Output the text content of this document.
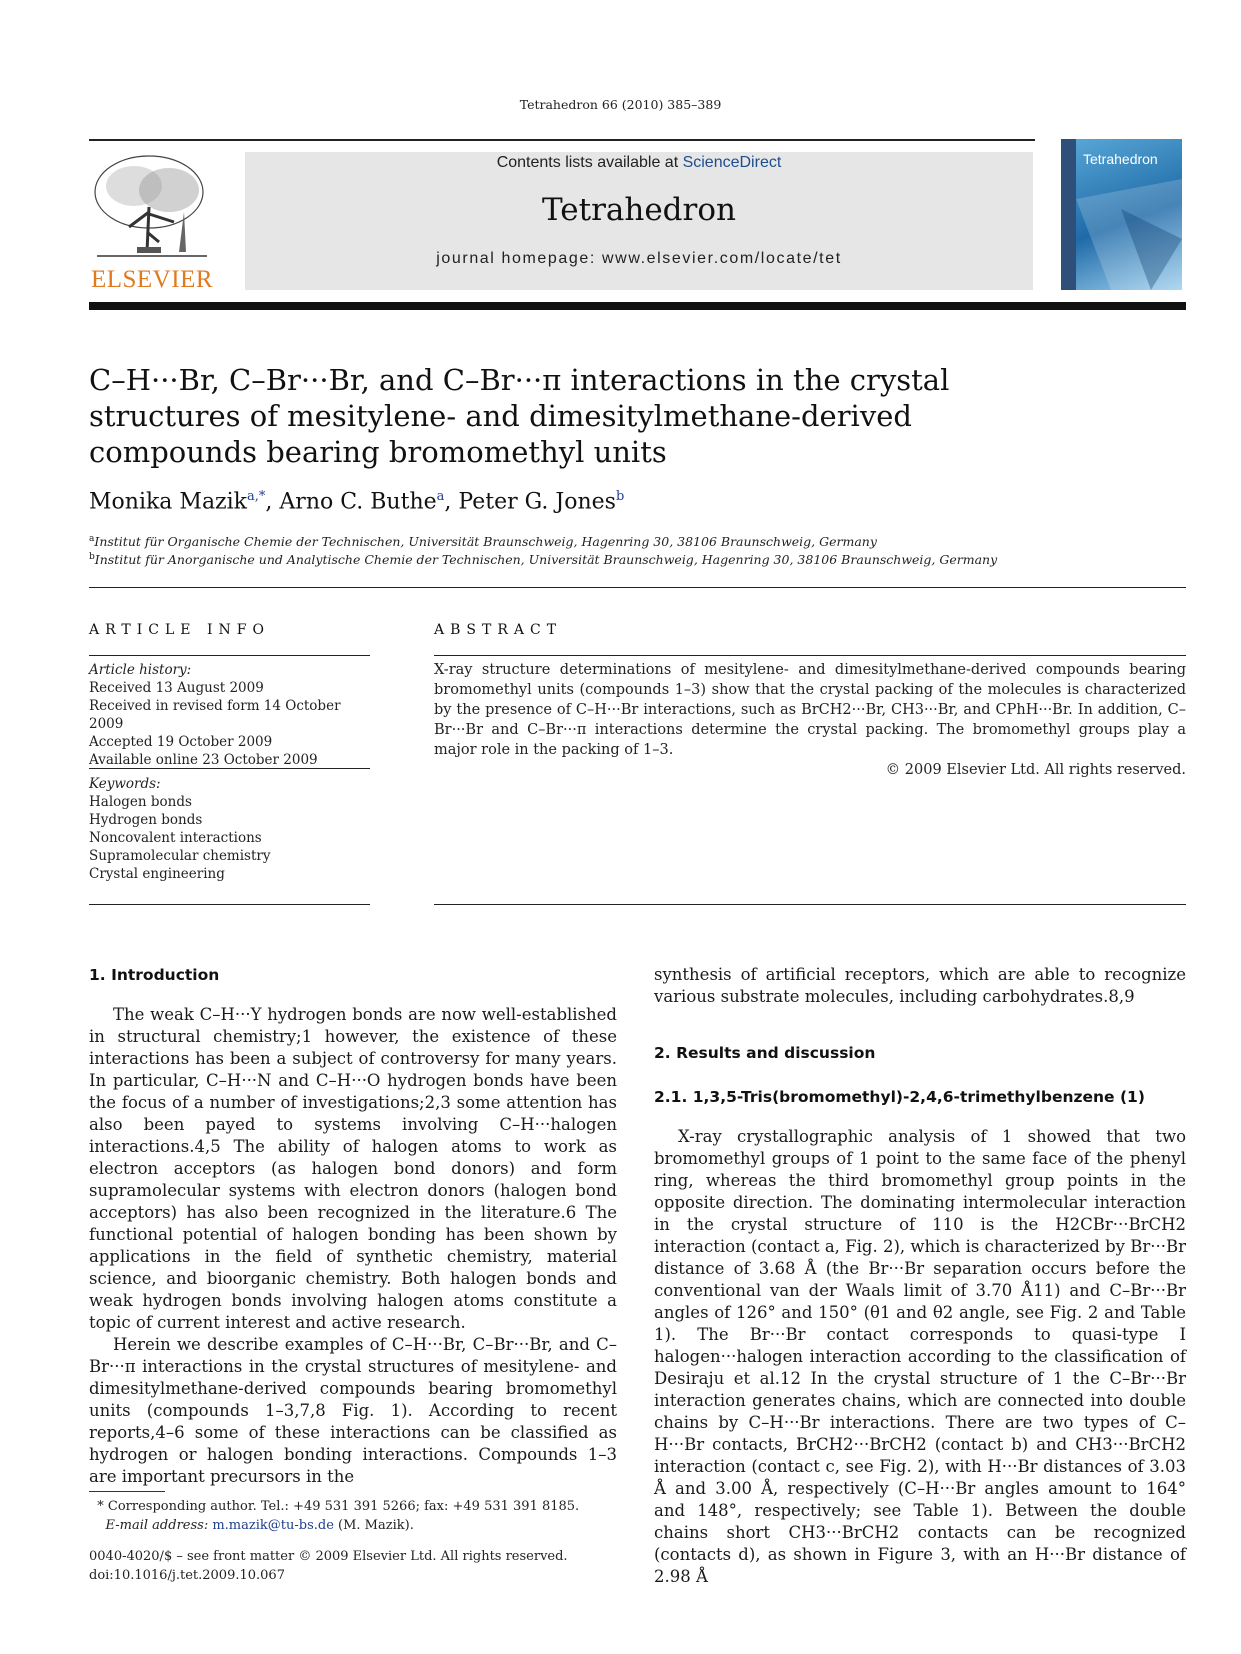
Tetrahedron 66 (2010) 385–389
ELSEVIER
Contents lists available at ScienceDirect
Tetrahedron
journal homepage: www.elsevier.com/locate/tet
Tetrahedron
C–H···Br, C–Br···Br, and C–Br···π interactions in the crystal structures of mesitylene- and dimesitylmethane-derived compounds bearing bromomethyl units
Monika Mazik$^{a,*}$, Arno C. Buthe$^a$, Peter G. Jones$^b$
$^a$Institut für Organische Chemie der Technischen, Universität Braunschweig, Hagenring 30, 38106 Braunschweig, Germany
$^b$Institut für Anorganische und Analytische Chemie der Technischen, Universität Braunschweig, Hagenring 30, 38106 Braunschweig, Germany
ARTICLE INFO
Article history:
Received 13 August 2009
Received in revised form 14 October 2009
Accepted 19 October 2009
Available online 23 October 2009
Keywords:
Halogen bonds
Hydrogen bonds
Noncovalent interactions
Supramolecular chemistry
Crystal engineering
ABSTRACT
X-ray structure determinations of mesitylene- and dimesitylmethane-derived compounds bearing bromomethyl units (compounds 1–3) show that the crystal packing of the molecules is characterized by the presence of C–H···Br interactions, such as BrCH2···Br, CH3···Br, and CPhH···Br. In addition, C–Br···Br and C–Br···π interactions determine the crystal packing. The bromomethyl groups play a major role in the packing of 1–3.
© 2009 Elsevier Ltd. All rights reserved.
1. Introduction

The weak C–H···Y hydrogen bonds are now well-established in structural chemistry;1 however, the existence of these interactions has been a subject of controversy for many years. In particular, C–H···N and C–H···O hydrogen bonds have been the focus of a number of investigations;2,3 some attention has also been payed to systems involving C–H···halogen interactions.4,5 The ability of halogen atoms to work as electron acceptors (as halogen bond donors) and form supramolecular systems with electron donors (halogen bond acceptors) has also been recognized in the literature.6 The functional potential of halogen bonding has been shown by applications in the field of synthetic chemistry, material science, and bioorganic chemistry. Both halogen bonds and weak hydrogen bonds involving halogen atoms constitute a topic of current interest and active research.

Herein we describe examples of C–H···Br, C–Br···Br, and C–Br···π interactions in the crystal structures of mesitylene- and dimesitylmethane-derived compounds bearing bromomethyl units (compounds 1–3,7,8 Fig. 1). According to recent reports,4–6 some of these interactions can be classified as hydrogen or halogen bonding interactions. Compounds 1–3 are important precursors in the

synthesis of artificial receptors, which are able to recognize various substrate molecules, including carbohydrates.8,9

2. Results and discussion
2.1. 1,3,5-Tris(bromomethyl)-2,4,6-trimethylbenzene (1)

X-ray crystallographic analysis of 1 showed that two bromomethyl groups of 1 point to the same face of the phenyl ring, whereas the third bromomethyl group points in the opposite direction. The dominating intermolecular interaction in the crystal structure of 110 is the H2CBr···BrCH2 interaction (contact a, Fig. 2), which is characterized by Br···Br distance of 3.68 Å (the Br···Br separation occurs before the conventional van der Waals limit of 3.70 Å11) and C–Br···Br angles of 126° and 150° (θ1 and θ2 angle, see Fig. 2 and Table 1). The Br···Br contact corresponds to quasi-type I halogen···halogen interaction according to the classification of Desiraju et al.12 In the crystal structure of 1 the C–Br···Br interaction generates chains, which are connected into double chains by C–H···Br interactions. There are two types of C–H···Br contacts, BrCH2···BrCH2 (contact b) and CH3···BrCH2 interaction (contact c, see Fig. 2), with H···Br distances of 3.03 Å and 3.00 Å, respectively (C–H···Br angles amount to 164° and 148°, respectively; see Table 1). Between the double chains short CH3···BrCH2 contacts can be recognized (contacts d), as shown in Figure 3, with an H···Br distance of 2.98 Å

* Corresponding author. Tel.: +49 531 391 5266; fax: +49 531 391 8185.
E-mail address: m.mazik@tu-bs.de (M. Mazik).
0040-4020/$ – see front matter © 2009 Elsevier Ltd. All rights reserved.
doi:10.1016/j.tet.2009.10.067
